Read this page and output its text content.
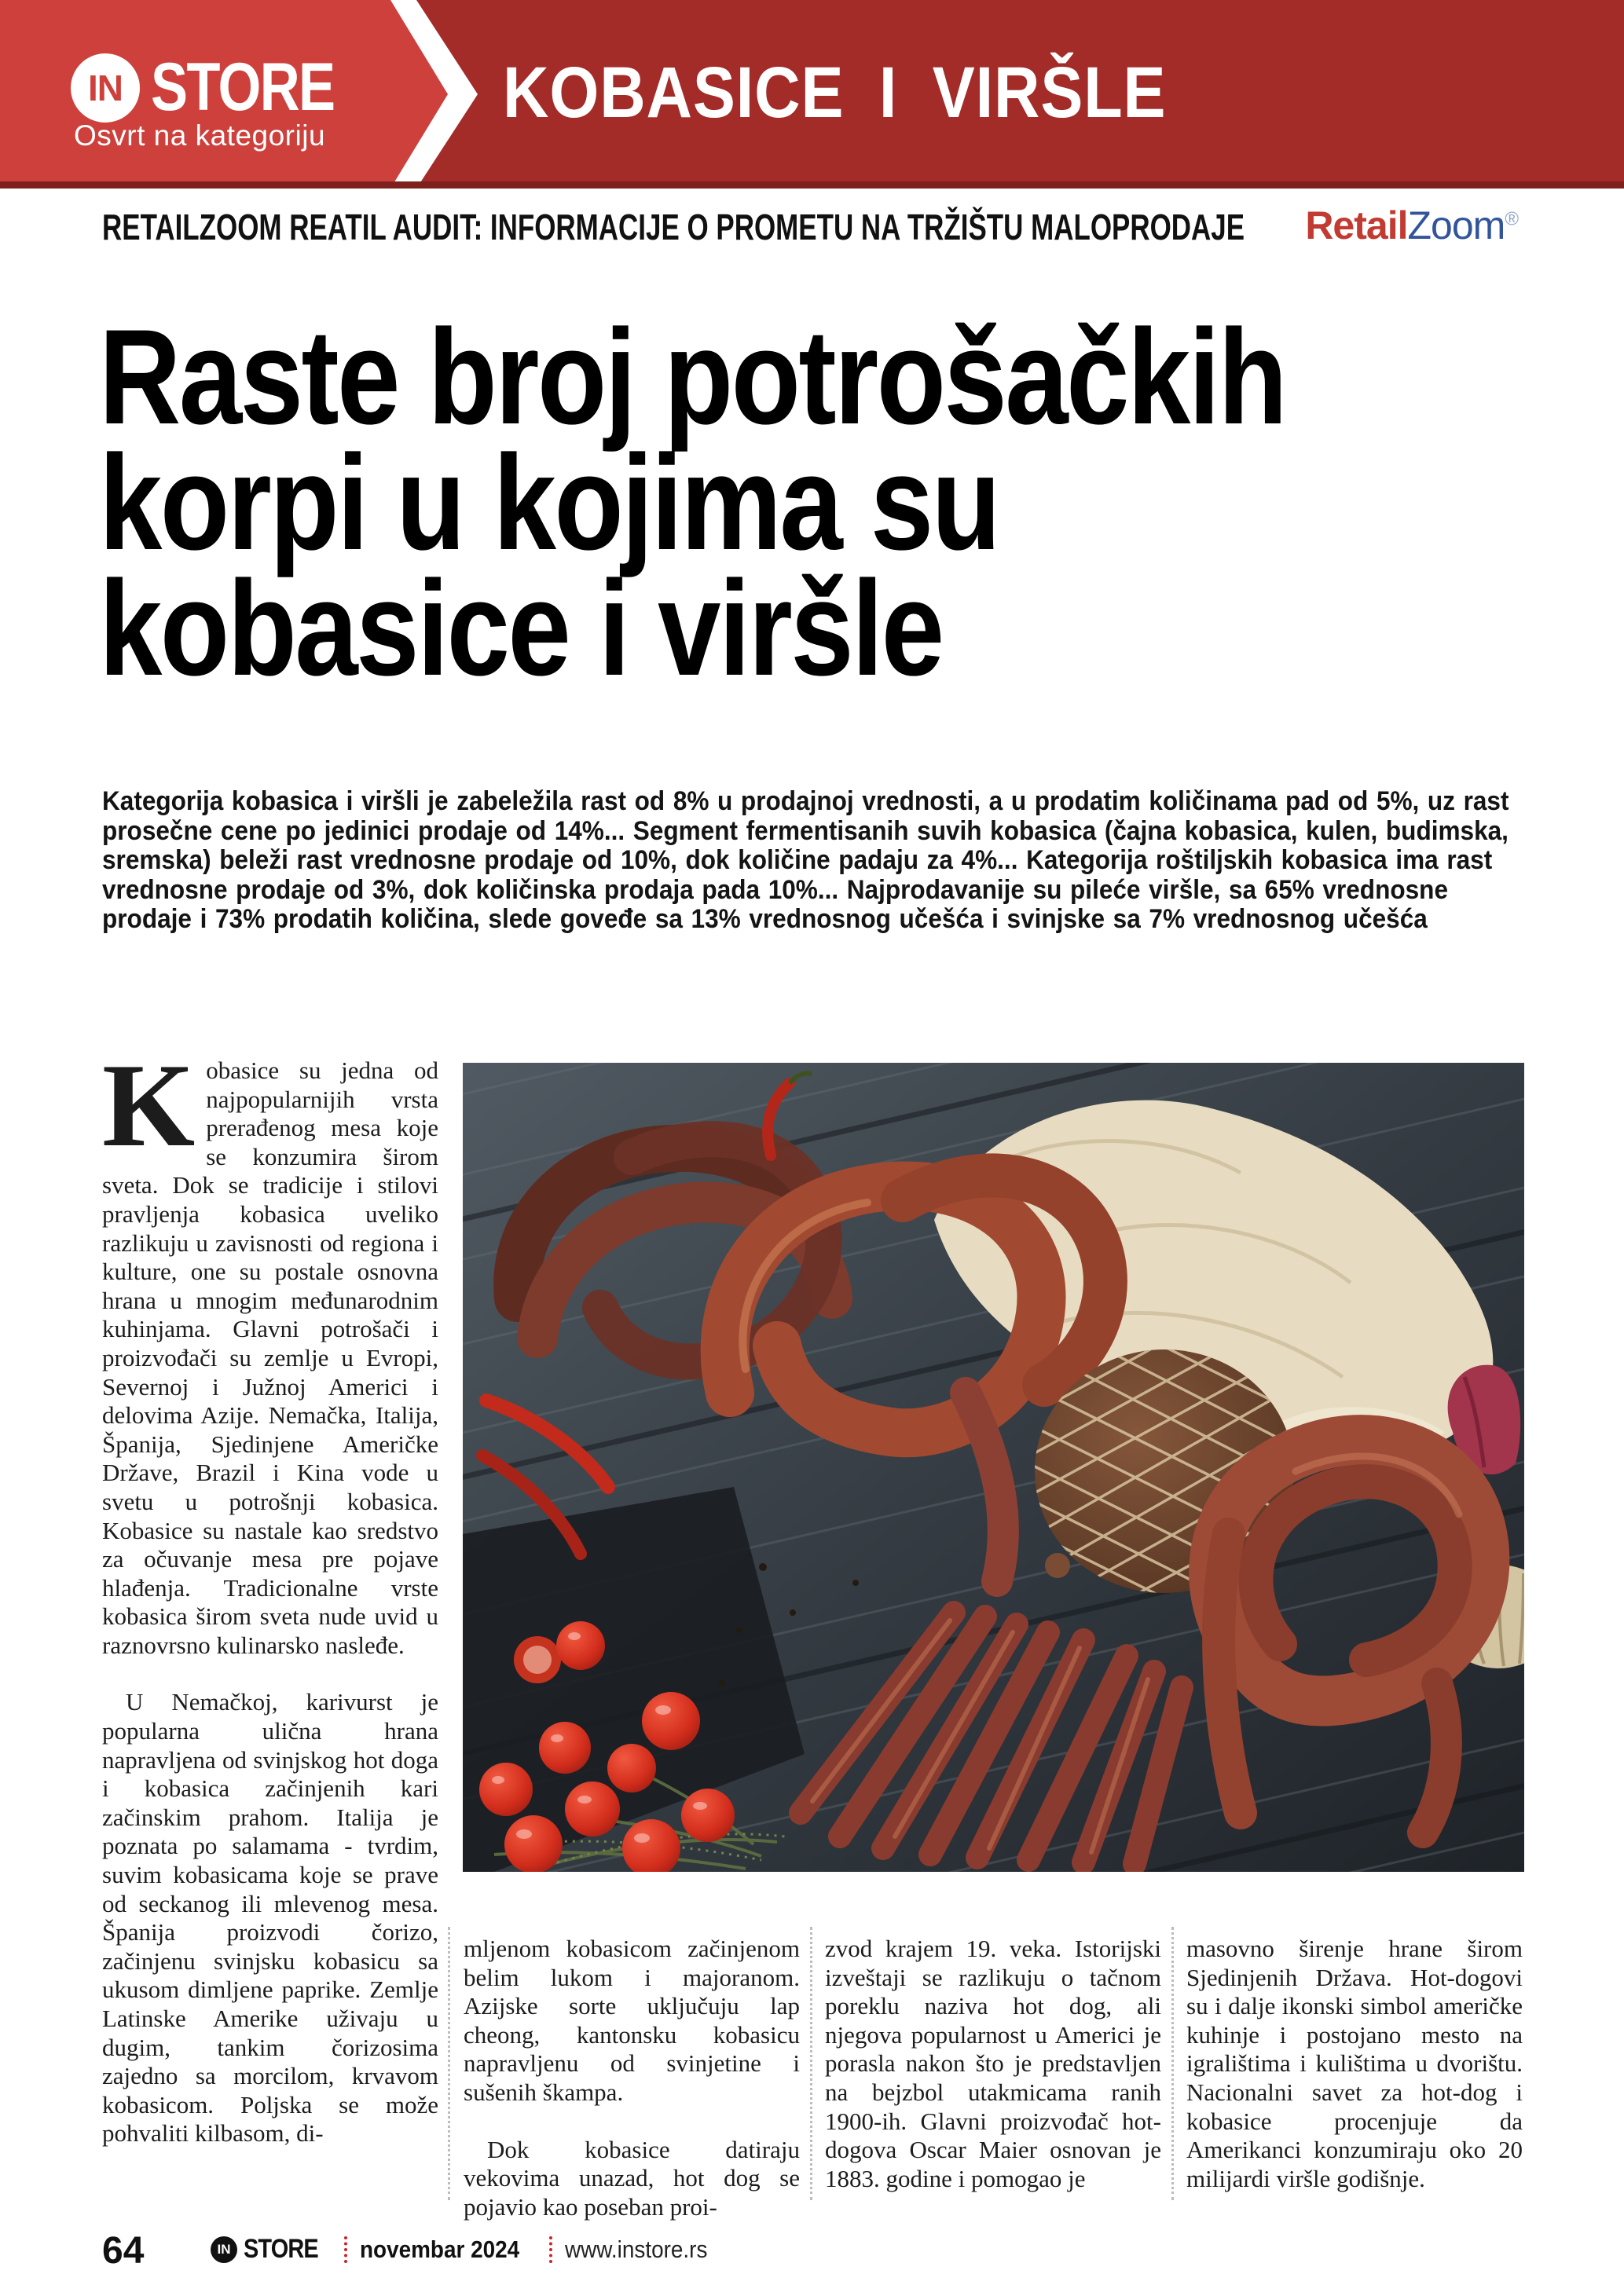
IN STORE
Osvrt na kategoriju
KOBASICE I VIRŠLE
RETAILZOOM REATIL AUDIT: INFORMACIJE O PROMETU NA TRŽIŠTU MALOPRODAJE RetailZoom®
Raste broj potrošačkih
korpi u kojima su
kobasice i viršle
Kategorija kobasica i viršli je zabeležila rast od 8% u prodajnoj vrednosti, a u prodatim količinama pad od 5%, uz rast prosečne cene po jedinici prodaje od 14%... Segment fermentisanih suvih kobasica (čajna kobasica, kulen, budimska, sremska) beleži rast vrednosne prodaje od 10%, dok količine padaju za 4%... Kategorija roštiljskih kobasica ima rast vrednosne prodaje od 3%, dok količinska prodaja pada 10%... Najprodavanije su pileće viršle, sa 65% vrednosne prodaje i 73% prodatih količina, slede goveđe sa 13% vrednosnog učešća i svinjske sa 7% vrednosnog učešća

Kobasice su jedna od najpopularnijih vrsta prerađenog mesa koje se konzumira širom sveta. Dok se tradicije i stilovi pravljenja kobasica uveliko razlikuju u zavisnosti od regiona i kulture, one su postale osnovna hrana u mnogim međunarodnim kuhinjama. Glavni potrošači i proizvođači su zemlje u Evropi, Severnoj i Južnoj Americi i delovima Azije. Nemačka, Italija, Španija, Sjedinjene Američke Države, Brazil i Kina vode u svetu u potrošnji kobasica. Kobasice su nastale kao sredstvo za očuvanje mesa pre pojave hlađenja. Tradicionalne vrste kobasica širom sveta nude uvid u raznovrsno kulinarsko nasleđe.

U Nemačkoj, karivurst je popularna ulična hrana napravljena od svinjskog hot doga i kobasica začinjenih kari začinskim prahom. Italija je poznata po salamama - tvrdim, suvim kobasicama koje se prave od seckanog ili mlevenog mesa. Španija proizvodi čorizo, začinjenu svinjsku kobasicu sa ukusom dimljene paprike. Zemlje Latinske Amerike uživaju u dugim, tankim čorizosima zajedno sa morcilom, krvavom kobasicom. Poljska se može pohvaliti kilbasom, di-

mljenom kobasicom začinjenom belim lukom i majoranom. Azijske sorte uključuju lap cheong, kantonsku kobasicu napravljenu od svinjetine i sušenih škampa.

Dok kobasice datiraju vekovima unazad, hot dog se pojavio kao poseban proi-

zvod krajem 19. veka. Istorijski izveštaji se razlikuju o tačnom poreklu naziva hot dog, ali njegova popularnost u Americi je porasla nakon što je predstavljen na bejzbol utakmicama ranih 1900-ih. Glavni proizvođač hot-dogova Oscar Maier osnovan je 1883. godine i pomogao je

masovno širenje hrane širom Sjedinjenih Država. Hot-dogovi su i dalje ikonski simbol američke kuhinje i postojano mesto na igralištima i kulištima u dvorištu. Nacionalni savet za hot-dog i kobasice procenjuje da Amerikanci konzumiraju oko 20 milijardi viršle godišnje.

64	IN STORE novembar 2024 www.instore.rs
